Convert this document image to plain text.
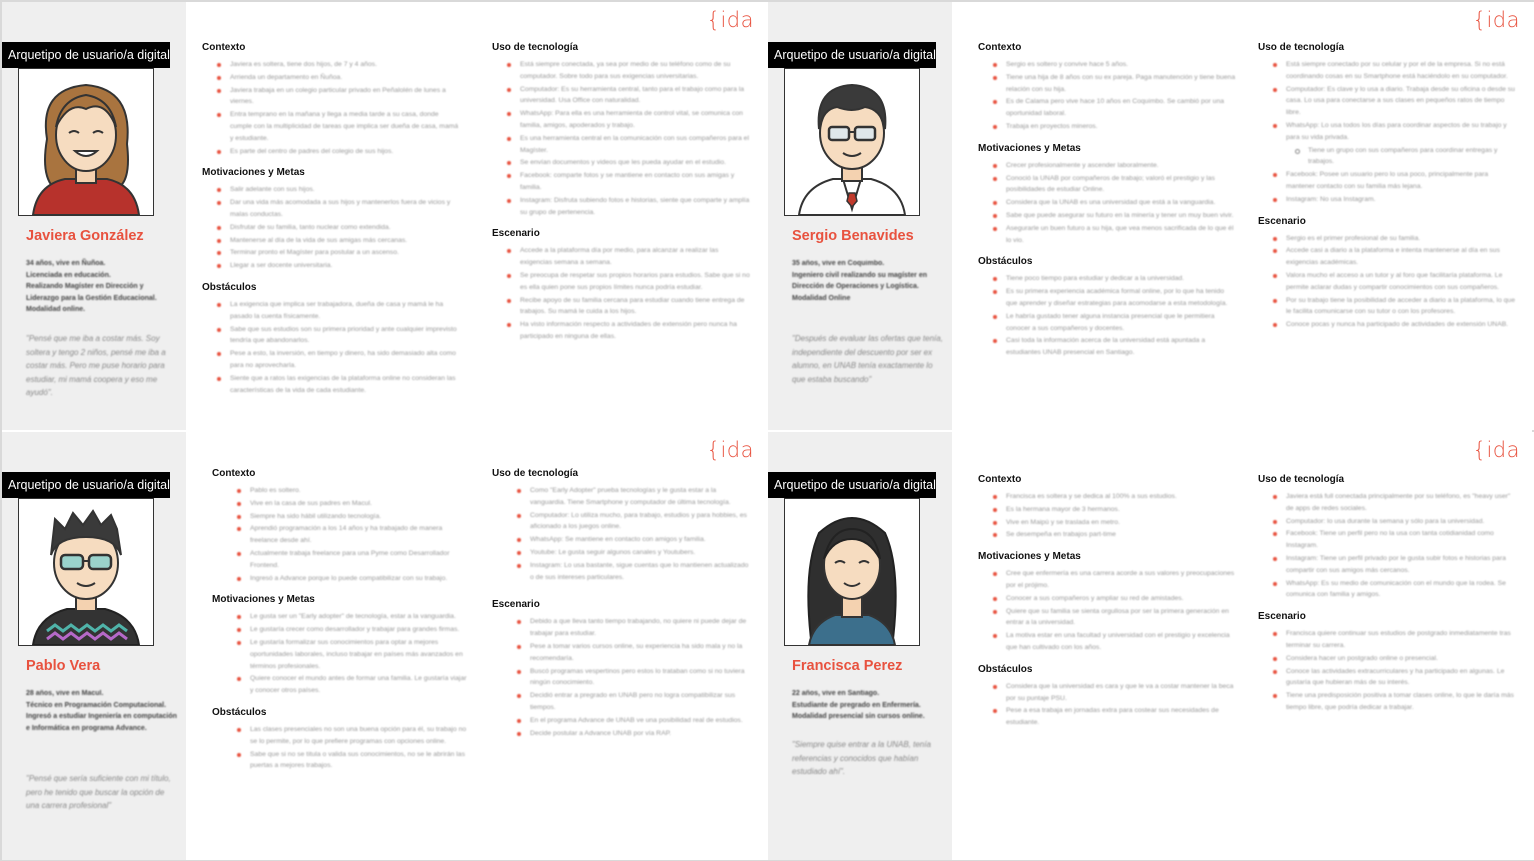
{ida
Arquetipo de usuario/a digital
Javiera González
34 años, vive en Ñuñoa.
Licenciada en educación.
Realizando Magíster en Dirección y Liderazgo para la Gestión Educacional.
Modalidad online.
"Pensé que me iba a costar más. Soy soltera y tengo 2 niños, pensé me iba a costar más. Pero me puse horario para estudiar, mi mamá coopera y eso me ayudó".
Contexto
Javiera es soltera, tiene dos hijos, de 7 y 4 años.
Arrienda un departamento en Ñuñoa.
Javiera trabaja en un colegio particular privado en Peñalolén de lunes a viernes.
Entra temprano en la mañana y llega a media tarde a su casa, donde cumple con la multiplicidad de tareas que implica ser dueña de casa, mamá y estudiante.
Es parte del centro de padres del colegio de sus hijos.
Motivaciones y Metas
Salir adelante con sus hijos.
Dar una vida más acomodada a sus hijos y mantenerlos fuera de vicios y malas conductas.
Disfrutar de su familia, tanto nuclear como extendida.
Mantenerse al día de la vida de sus amigas más cercanas.
Terminar pronto el Magíster para postular a un ascenso.
Llegar a ser docente universitaria.
Obstáculos
La exigencia que implica ser trabajadora, dueña de casa y mamá le ha pasado la cuenta físicamente.
Sabe que sus estudios son su primera prioridad y ante cualquier imprevisto tendría que abandonarlos.
Pese a esto, la inversión, en tiempo y dinero, ha sido demasiado alta como para no aprovecharla.
Siente que a ratos las exigencias de la plataforma online no consideran las características de la vida de cada estudiante.
Uso de tecnología
Está siempre conectada, ya sea por medio de su teléfono como de su computador. Sobre todo para sus exigencias universitarias.
Computador: Es su herramienta central, tanto para el trabajo como para la universidad. Usa Office con naturalidad.
WhatsApp: Para ella es una herramienta de control vital, se comunica con familia, amigos, apoderados y trabajo.
Es una herramienta central en la comunicación con sus compañeros para el Magíster.
Se envían documentos y videos que les pueda ayudar en el estudio.
Facebook: comparte fotos y se mantiene en contacto con sus amigas y familia.
Instagram: Disfruta subiendo fotos e historias, siente que comparte y amplía su grupo de pertenencia.
Escenario
Accede a la plataforma día por medio, para alcanzar a realizar las exigencias semana a semana.
Se preocupa de respetar sus propios horarios para estudios. Sabe que si no es ella quien pone sus propios límites nunca podría estudiar.
Recibe apoyo de su familia cercana para estudiar cuando tiene entrega de trabajos. Su mamá le cuida a los hijos.
Ha visto información respecto a actividades de extensión pero nunca ha participado en ninguna de ellas.
{ida
Arquetipo de usuario/a digital
Sergio Benavides
35 años, vive en Coquimbo.
Ingeniero civil realizando su magíster en Dirección de Operaciones y Logística.
Modalidad Online
"Después de evaluar las ofertas que tenía, independiente del descuento por ser ex alumno, en UNAB tenía exactamente lo que estaba buscando"
Contexto
Sergio es soltero y convive hace 5 años.
Tiene una hija de 8 años con su ex pareja. Paga manutención y tiene buena relación con su hija.
Es de Calama pero vive hace 10 años en Coquimbo. Se cambió por una oportunidad laboral.
Trabaja en proyectos mineros.
Motivaciones y Metas
Crecer profesionalmente y ascender laboralmente.
Conoció la UNAB por compañeros de trabajo; valoró el prestigio y las posibilidades de estudiar Online.
Considera que la UNAB es una universidad que está a la vanguardia.
Sabe que puede asegurar su futuro en la minería y tener un muy buen vivir.
Asegurarle un buen futuro a su hija, que vea menos sacrificada de lo que él lo vio.
Obstáculos
Tiene poco tiempo para estudiar y dedicar a la universidad.
Es su primera experiencia académica formal online, por lo que ha tenido que aprender y diseñar estrategias para acomodarse a esta metodología.
Le habría gustado tener alguna instancia presencial que le permitiera conocer a sus compañeros y docentes.
Casi toda la información acerca de la universidad está apuntada a estudiantes UNAB presencial en Santiago.
Uso de tecnología
Está siempre conectado por su celular y por el de la empresa. Si no está coordinando cosas en su Smartphone está haciéndolo en su computador.
Computador: Es clave y lo usa a diario. Trabaja desde su oficina o desde su casa. Lo usa para conectarse a sus clases en pequeños ratos de tiempo libre.
WhatsApp: Lo usa todos los días para coordinar aspectos de su trabajo y para su vida privada.
Tiene un grupo con sus compañeros para coordinar entregas y trabajos.
Facebook: Posee un usuario pero lo usa poco, principalmente para mantener contacto con su familia más lejana.
Instagram: No usa Instagram.
Escenario
Sergio es el primer profesional de su familia.
Accede casi a diario a la plataforma e intenta mantenerse al día en sus exigencias académicas.
Valora mucho el acceso a un tutor y al foro que facilitaría plataforma. Le permite aclarar dudas y compartir conocimientos con sus compañeros.
Por su trabajo tiene la posibilidad de acceder a diario a la plataforma, lo que le facilita comunicarse con su tutor o con los profesores.
Conoce pocas y nunca ha participado de actividades de extensión UNAB.
{ida
Arquetipo de usuario/a digital
Pablo Vera
28 años, vive en Macul.
Técnico en Programación Computacional.
Ingresó a estudiar Ingeniería en computación e Informática en programa Advance.
"Pensé que sería suficiente con mi título, pero he tenido que buscar la opción de una carrera profesional"
Contexto
Pablo es soltero.
Vive en la casa de sus padres en Macul.
Siempre ha sido hábil utilizando tecnología.
Aprendió programación a los 14 años y ha trabajado de manera freelance desde ahí.
Actualmente trabaja freelance para una Pyme como Desarrollador Frontend.
Ingresó a Advance porque lo puede compatibilizar con su trabajo.
Motivaciones y Metas
Le gusta ser un "Early adopter" de tecnología, estar a la vanguardia.
Le gustaría crecer como desarrollador y trabajar para grandes firmas.
Le gustaría formalizar sus conocimientos para optar a mejores oportunidades laborales, incluso trabajar en países más avanzados en términos profesionales.
Quiere conocer el mundo antes de formar una familia. Le gustaría viajar y conocer otros países.
Obstáculos
Las clases presenciales no son una buena opción para él, su trabajo no se lo permite, por lo que prefiere programas con opciones online.
Sabe que si no se titula o valida sus conocimientos, no se le abrirán las puertas a mejores trabajos.
Uso de tecnología
Como "Early Adopter" prueba tecnologías y le gusta estar a la vanguardia. Tiene Smartphone y computador de última tecnología.
Computador: Lo utiliza mucho, para trabajo, estudios y para hobbies, es aficionado a los juegos online.
WhatsApp: Se mantiene en contacto con amigos y familia.
Youtube: Le gusta seguir algunos canales y Youtubers.
Instagram: Lo usa bastante, sigue cuentas que lo mantienen actualizado o de sus intereses particulares.
Escenario
Debido a que lleva tanto tiempo trabajando, no quiere ni puede dejar de trabajar para estudiar.
Pese a tomar varios cursos online, su experiencia ha sido mala y no la recomendaría.
Buscó programas vespertinos pero estos lo trataban como si no tuviera ningún conocimiento.
Decidió entrar a pregrado en UNAB pero no logra compatibilizar sus tiempos.
En el programa Advance de UNAB ve una posibilidad real de estudios.
Decide postular a Advance UNAB por vía RAP.
{ida
Arquetipo de usuario/a digital
Francisca Perez
22 años, vive en Santiago.
Estudiante de pregrado en Enfermería.
Modalidad presencial sin cursos online.
"Siempre quise entrar a la UNAB, tenía referencias y conocidos que habían estudiado ahí".
Contexto
Francisca es soltera y se dedica al 100% a sus estudios.
Es la hermana mayor de 3 hermanos.
Vive en Maipú y se traslada en metro.
Se desempeña en trabajos part-time
Motivaciones y Metas
Cree que enfermería es una carrera acorde a sus valores y preocupaciones por el prójimo.
Conocer a sus compañeros y ampliar su red de amistades.
Quiere que su familia se sienta orgullosa por ser la primera generación en entrar a la universidad.
La motiva estar en una facultad y universidad con el prestigio y excelencia que han cultivado con los años.
Obstáculos
Considera que la universidad es cara y que le va a costar mantener la beca por su puntaje PSU.
Pese a esa trabaja en jornadas extra para costear sus necesidades de estudiante.
Uso de tecnología
Javiera está full conectada principalmente por su teléfono, es "heavy user" de apps de redes sociales.
Computador: lo usa durante la semana y sólo para la universidad.
Facebook: Tiene un perfil pero no la usa con tanta cotidianidad como Instagram.
Instagram: Tiene un perfil privado por le gusta subir fotos e historias para compartir con sus amigos más cercanos.
WhatsApp: Es su medio de comunicación con el mundo que la rodea. Se comunica con familia y amigos.
Escenario
Francisca quiere continuar sus estudios de postgrado inmediatamente tras terminar su carrera.
Considera hacer un postgrado online o presencial.
Conoce las actividades extracurriculares y ha participado en algunas. Le gustaría que hubieran más de su interés.
Tiene una predisposición positiva a tomar clases online, lo que le daría más tiempo libre, que podría dedicar a trabajar.
